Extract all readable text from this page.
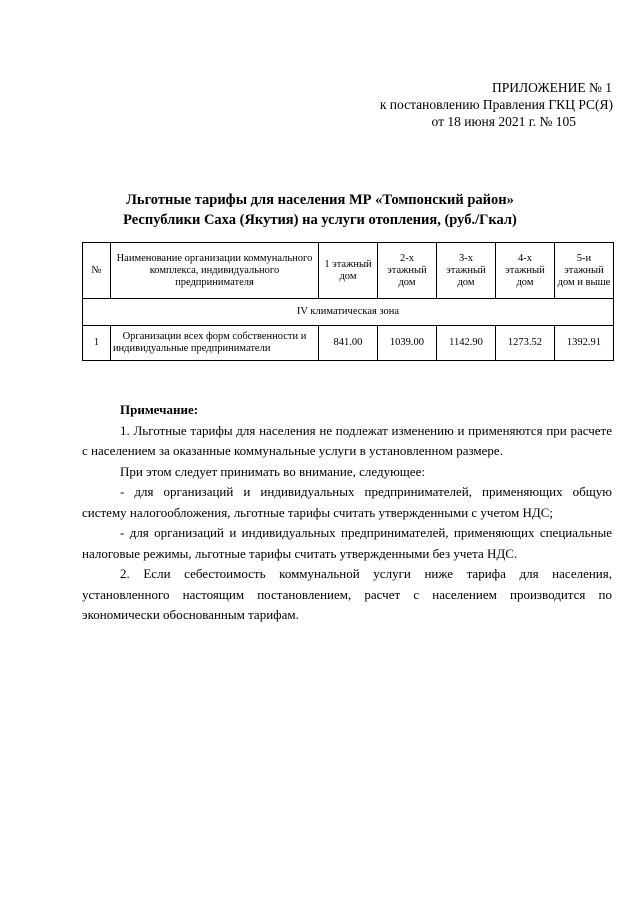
ПРИЛОЖЕНИЕ № 1
к постановлению Правления ГКЦ РС(Я)
от 18 июня 2021 г. № 105
Льготные тарифы для населения МР «Томпонский район»
Республики Саха (Якутия) на услуги отопления, (руб./Гкал)
№	Наименование организации коммунального комплекса, индивидуального предпринимателя	1 этажный дом	2-х этажный дом	3-х этажный дом	4-х этажный дом	5-и этажный дом и выше
IV климатическая зона						
1	Организации всех форм собственности и индивидуальные предприниматели	841.00	1039.00	1142.90	1273.52	1392.91

Примечание:

1. Льготные тарифы для населения не подлежат изменению и применяются при расчете с населением за оказанные коммунальные услуги в установленном размере.

При этом следует принимать во внимание, следующее:

- для организаций и индивидуальных предпринимателей, применяющих общую систему налогообложения, льготные тарифы считать утвержденными с учетом НДС;

- для организаций и индивидуальных предпринимателей, применяющих специальные налоговые режимы, льготные тарифы считать утвержденными без учета НДС.

2. Если себестоимость коммунальной услуги ниже тарифа для населения, установленного настоящим постановлением, расчет с населением производится по экономически обоснованным тарифам.
